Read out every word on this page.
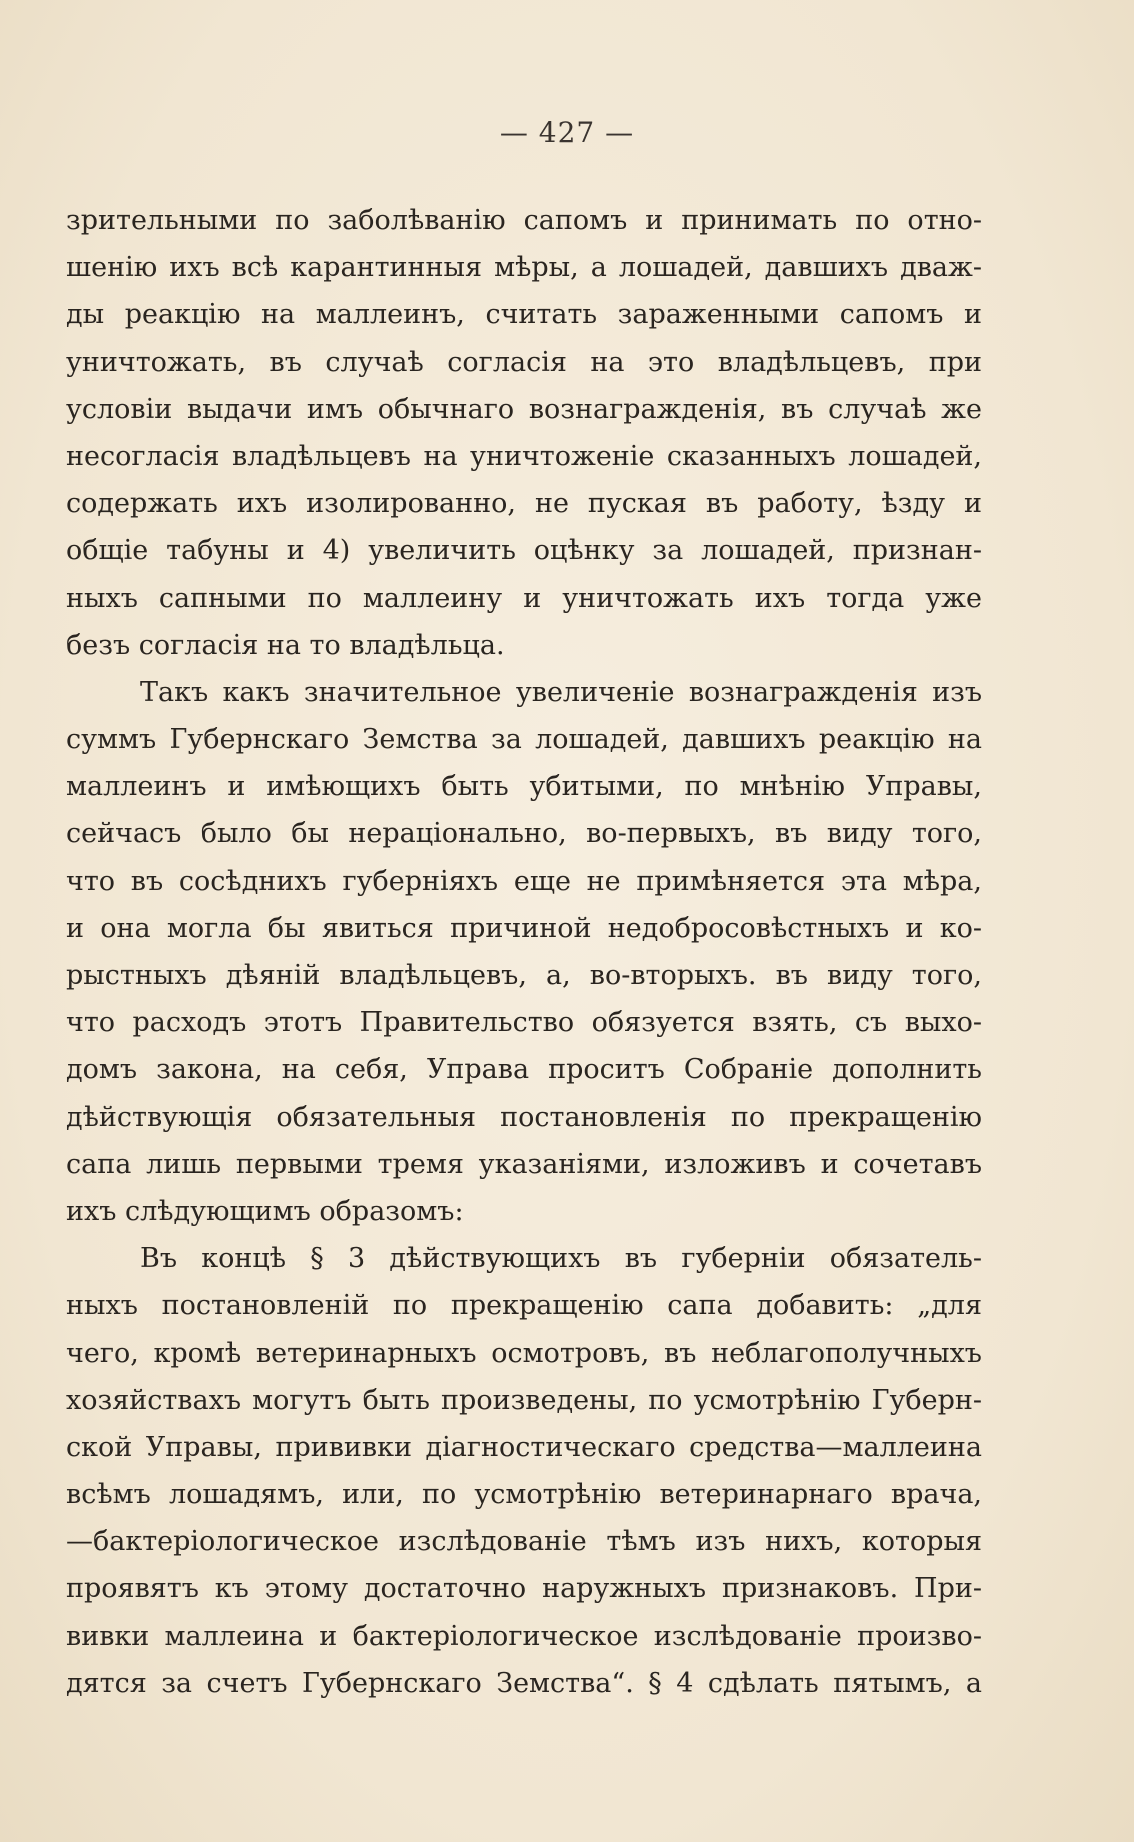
— 427 —
зрительными по заболѣванію сапомъ и принимать по отно-
шенію ихъ всѣ карантинныя мѣры, а лошадей, давшихъ дваж-
ды реакцію на маллеинъ, считать зараженными сапомъ и
уничтожать, въ случаѣ согласія на это владѣльцевъ, при
условіи выдачи имъ обычнаго вознагражденія, въ случаѣ же
несогласія владѣльцевъ на уничтоженіе сказанныхъ лошадей,
содержать ихъ изолированно, не пуская въ работу, ѣзду и
общіе табуны и 4) увеличить оцѣнку за лошадей, признан-
ныхъ сапными по маллеину и уничтожать ихъ тогда уже
безъ согласія на то владѣльца.
Такъ какъ значительное увеличеніе вознагражденія изъ
суммъ Губернскаго Земства за лошадей, давшихъ реакцію на
маллеинъ и имѣющихъ быть убитыми, по мнѣнію Управы,
сейчасъ было бы нераціонально, во-первыхъ, въ виду того,
что въ сосѣднихъ губерніяхъ еще не примѣняется эта мѣра,
и она могла бы явиться причиной недобросовѣстныхъ и ко-
рыстныхъ дѣяній владѣльцевъ, а, во-вторыхъ. въ виду того,
что расходъ этотъ Правительство обязуется взять, съ выхо-
домъ закона, на себя, Управа проситъ Собраніе дополнить
дѣйствующія обязательныя постановленія по прекращенію
сапа лишь первыми тремя указаніями, изложивъ и сочетавъ
ихъ слѣдующимъ образомъ:
Въ концѣ § 3 дѣйствующихъ въ губерніи обязатель-
ныхъ постановленій по прекращенію сапа добавить: „для
чего, кромѣ ветеринарныхъ осмотровъ, въ неблагополучныхъ
хозяйствахъ могутъ быть произведены, по усмотрѣнію Губерн-
ской Управы, прививки діагностическаго средства—маллеина
всѣмъ лошадямъ, или, по усмотрѣнію ветеринарнаго врача,
—бактеріологическое изслѣдованіе тѣмъ изъ нихъ, которыя
проявятъ къ этому достаточно наружныхъ признаковъ. При-
вивки маллеина и бактеріологическое изслѣдованіе произво-
дятся за счетъ Губернскаго Земства“. § 4 сдѣлать пятымъ, а
